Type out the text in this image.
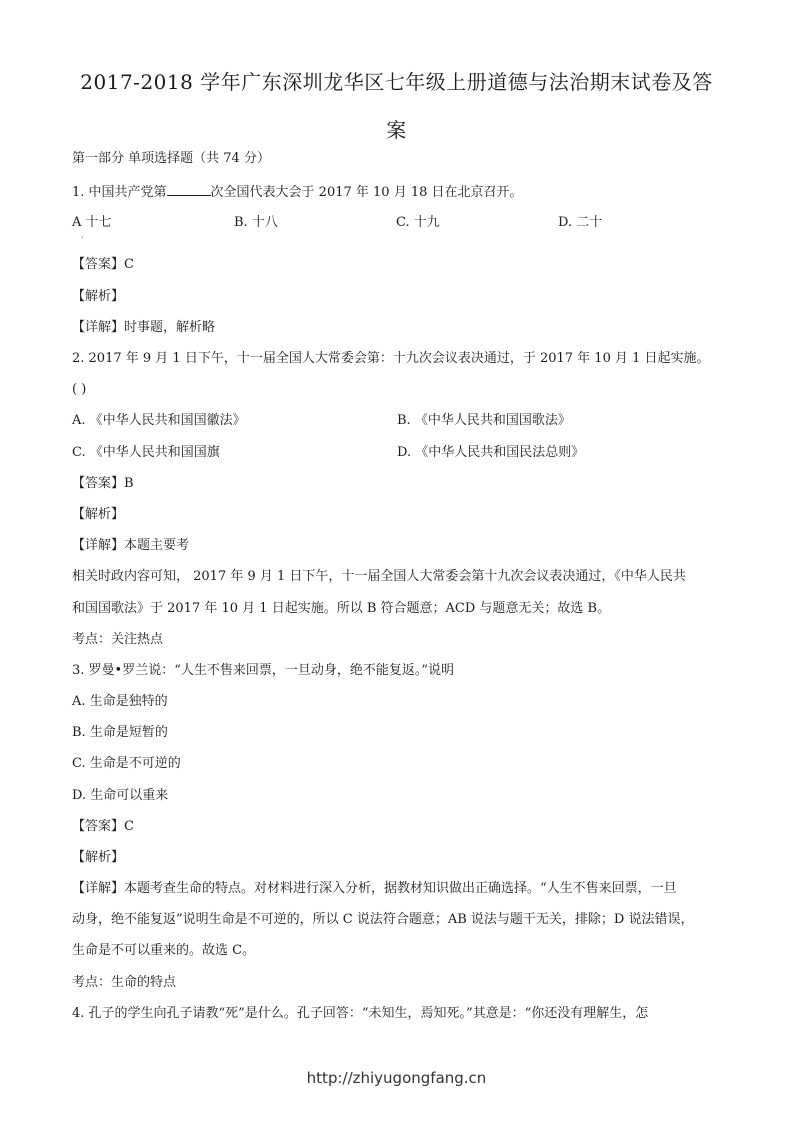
2017-2018 学年广东深圳龙华区七年级上册道德与法治期末试卷及答
案
第一部分 单项选择题（共 74 分）
1. 中国共产党第	次全国代表大会于 2017 年 10 月 18 日在北京召开。
A 十七	B. 十八	C. 十九	D. 二十
'
【答案】C
【解析】
【详解】时事题，解析略
2. 2017 年 9 月 1 日下午，十一届全国人大常委会第：十九次会议表决通过，于 2017 年 10 月 1 日起实施。
( )
A. 《中华人民共和国国徽法》	B. 《中华人民共和国国歌法》
C. 《中华人民共和国国旗	D. 《中华人民共和国民法总则》
【答案】B
【解析】
【详解】本题主要考
相关时政内容可知， 2017 年 9 月 1 日下午，十一届全国人大常委会第十九次会议表决通过，《中华人民共
和国国歌法》于 2017 年 10 月 1 日起实施。所以 B 符合题意；ACD 与题意无关；故选 B。
考点：关注热点
3. 罗曼•罗兰说：“人生不售来回票，一旦动身，绝不能复返。”说明
A. 生命是独特的
B. 生命是短暂的
C. 生命是不可逆的
D. 生命可以重来
【答案】C
【解析】
【详解】本题考查生命的特点。对材料进行深入分析，据教材知识做出正确选择。“人生不售来回票，一旦
动身，绝不能复返”说明生命是不可逆的，所以 C 说法符合题意；AB 说法与题干无关，排除；D 说法错误，
生命是不可以重来的。故选 C。
考点：生命的特点
4. 孔子的学生向孔子请教“死”是什么。孔子回答：“未知生，焉知死。”其意是：“你还没有理解生，怎
http://zhiyugongfang.cn
